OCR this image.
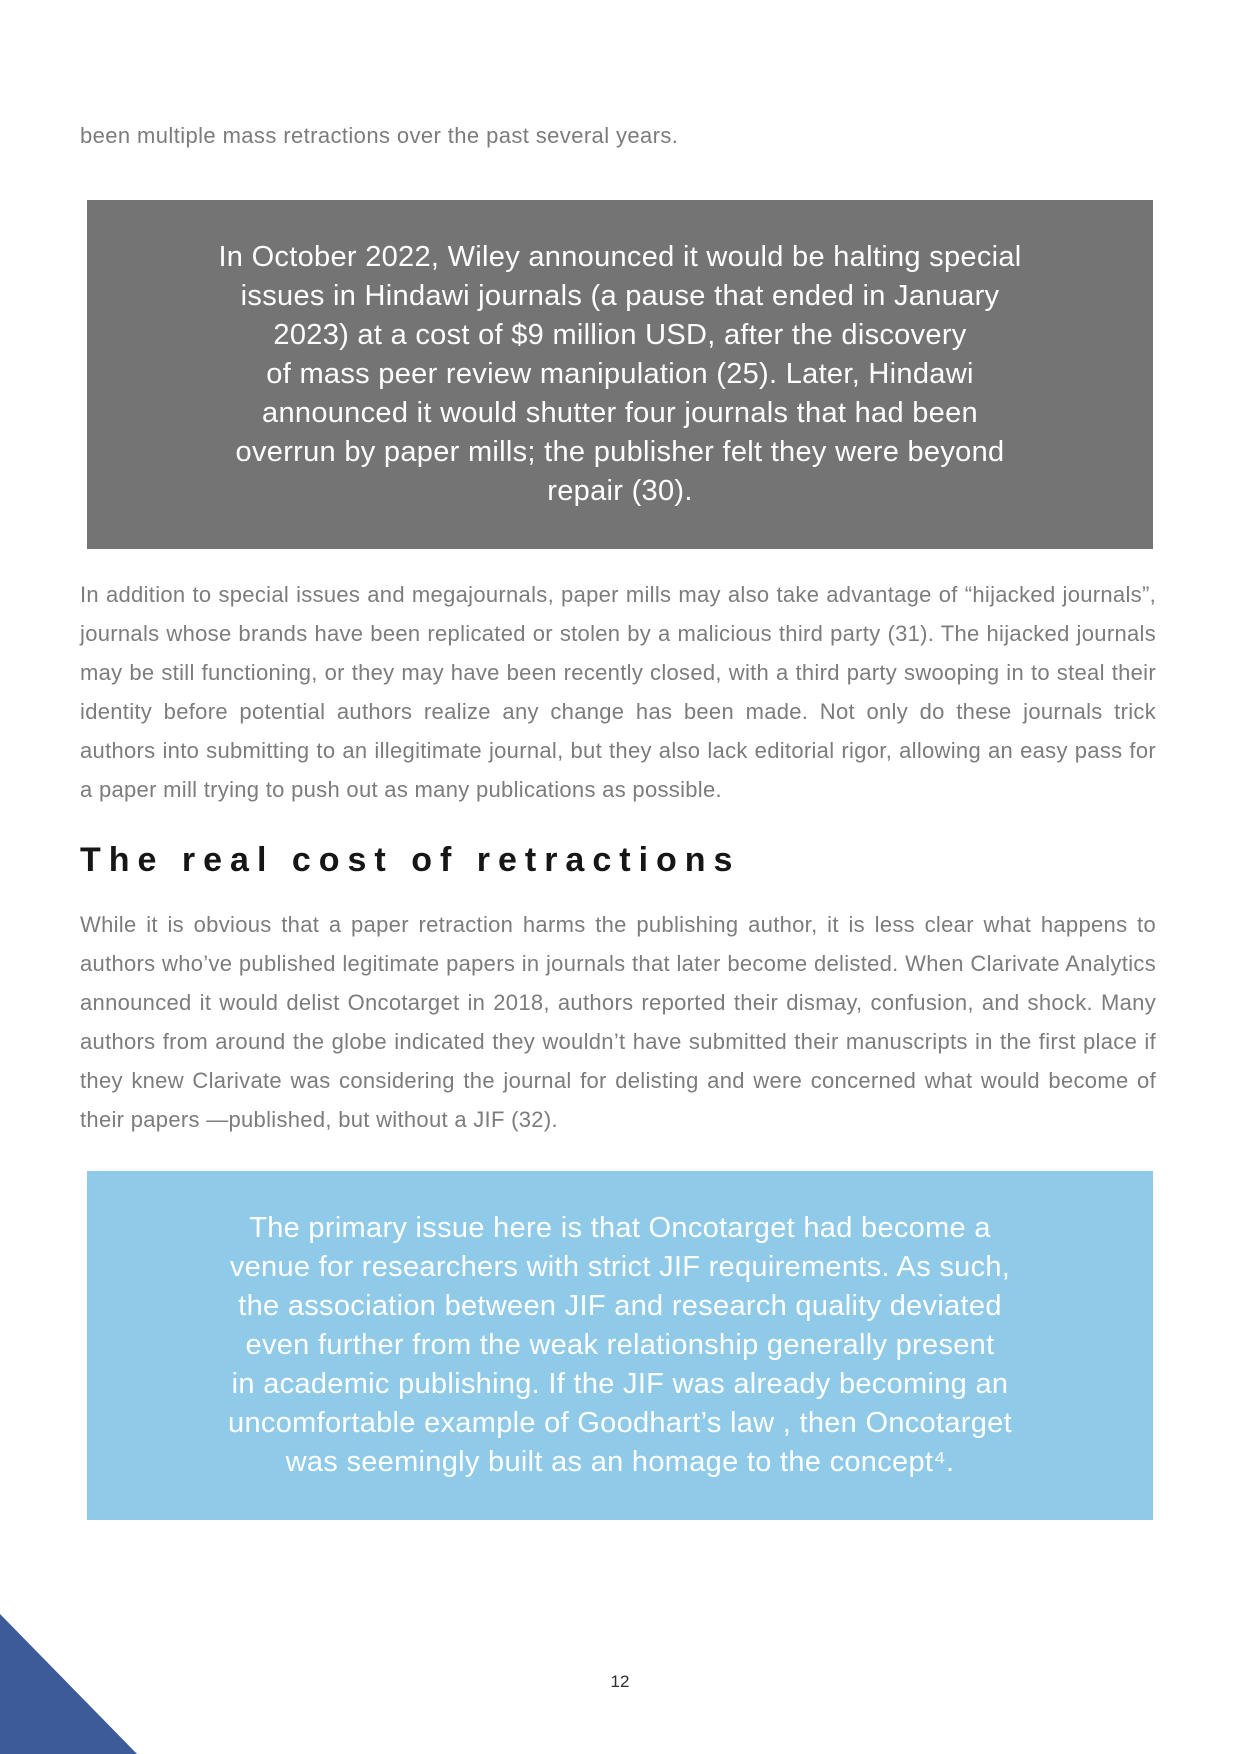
been multiple mass retractions over the past several years.

In October 2022, Wiley announced it would be halting special
issues in Hindawi journals (a pause that ended in January
2023) at a cost of $9 million USD, after the discovery
of mass peer review manipulation (25). Later, Hindawi
announced it would shutter four journals that had been
overrun by paper mills; the publisher felt they were beyond
repair (30).

In addition to special issues and megajournals, paper mills may also take advantage of “hijacked journals”, journals whose brands have been replicated or stolen by a malicious third party (31). The hijacked journals may be still functioning, or they may have been recently closed, with a third party swooping in to steal their identity before potential authors realize any change has been made. Not only do these journals trick authors into submitting to an illegitimate journal, but they also lack editorial rigor, allowing an easy pass for a paper mill trying to push out as many publications as possible.

The real cost of retractions

While it is obvious that a paper retraction harms the publishing author, it is less clear what happens to authors who’ve published legitimate papers in journals that later become delisted. When Clarivate Analytics announced it would delist Oncotarget in 2018, authors reported their dismay, confusion, and shock. Many authors from around the globe indicated they wouldn’t have submitted their manuscripts in the first place if they knew Clarivate was considering the journal for delisting and were concerned what would become of their papers —published, but without a JIF (32).

The primary issue here is that Oncotarget had become a
venue for researchers with strict JIF requirements. As such,
the association between JIF and research quality deviated
even further from the weak relationship generally present
in academic publishing. If the JIF was already becoming an
uncomfortable example of Goodhart’s law , then Oncotarget
was seemingly built as an homage to the concept⁴.
12
